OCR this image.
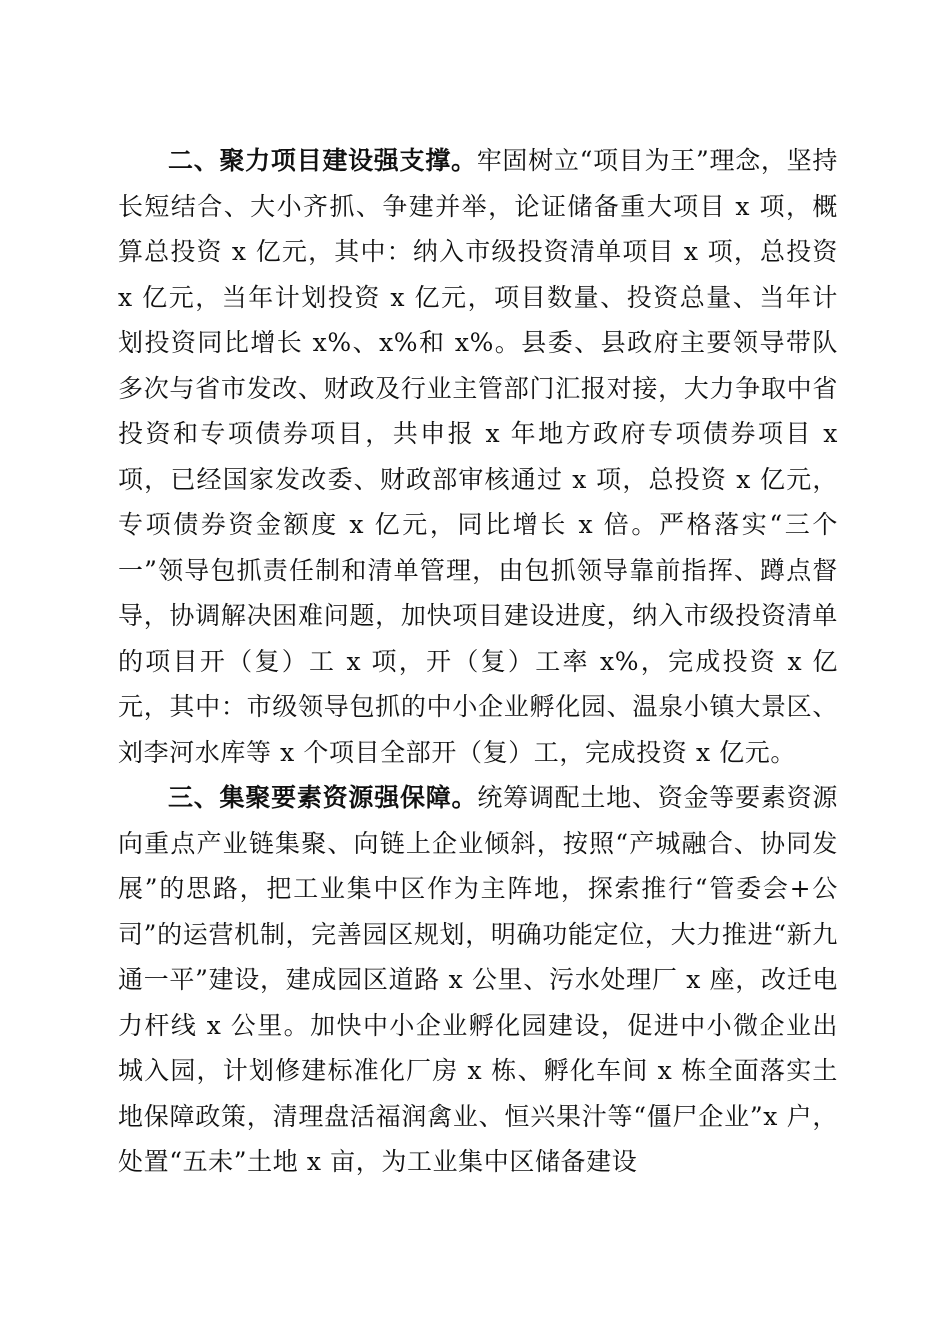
二、聚力项目建设强支撑。牢固树立“项目为王”理念，坚持长短结合、大小齐抓、争建并举，论证储备重大项目 x 项，概算总投资 x 亿元，其中：纳入市级投资清单项目 x 项，总投资 x 亿元，当年计划投资 x 亿元，项目数量、投资总量、当年计划投资同比增长 x%、x%和 x%。县委、县政府主要领导带队多次与省市发改、财政及行业主管部门汇报对接，大力争取中省投资和专项债券项目，共申报 x 年地方政府专项债券项目 x 项，已经国家发改委、财政部审核通过 x 项，总投资 x 亿元，专项债券资金额度 x 亿元，同比增长 x 倍。严格落实“三个一”领导包抓责任制和清单管理，由包抓领导靠前指挥、蹲点督导，协调解决困难问题，加快项目建设进度，纳入市级投资清单的项目开（复）工 x 项，开（复）工率 x%，完成投资 x 亿元，其中：市级领导包抓的中小企业孵化园、温泉小镇大景区、刘李河水库等 x 个项目全部开（复）工，完成投资 x 亿元。

三、集聚要素资源强保障。统筹调配土地、资金等要素资源向重点产业链集聚、向链上企业倾斜，按照“产城融合、协同发展”的思路，把工业集中区作为主阵地，探索推行“管委会+公司”的运营机制，完善园区规划，明确功能定位，大力推进“新九通一平”建设，建成园区道路 x 公里、污水处理厂 x 座，改迁电力杆线 x 公里。加快中小企业孵化园建设，促进中小微企业出城入园，计划修建标准化厂房 x 栋、孵化车间 x 栋全面落实土地保障政策，清理盘活福润禽业、恒兴果汁等“僵尸企业”x 户，处置“五未”土地 x 亩，为工业集中区储备建设
